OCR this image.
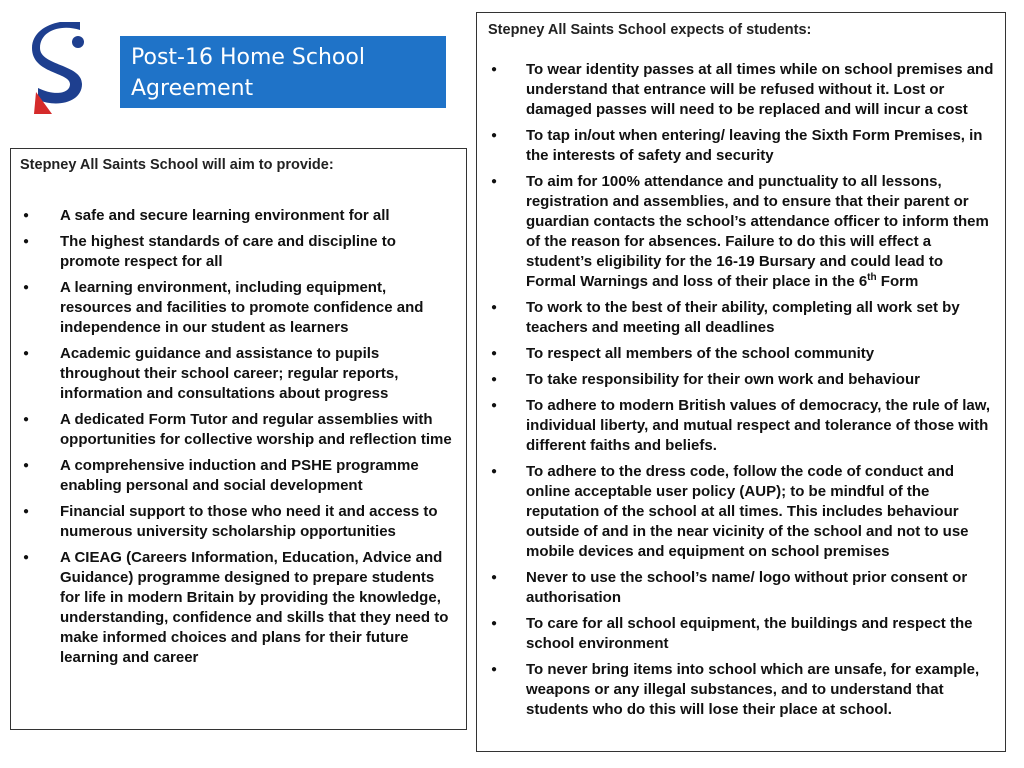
Post-16 Home School
Agreement
Stepney All Saints School expects of students:
● To wear identity passes at all times while on school premises and understand that entrance will be refused without it. Lost or damaged passes will need to be replaced and will incur a cost
● To tap in/out when entering/ leaving the Sixth Form Premises, in the interests of safety and security
● To aim for 100% attendance and punctuality to all lessons, registration and assemblies, and to ensure that their parent or guardian contacts the school’s attendance officer to inform them of the reason for absences. Failure to do this will effect a student’s eligibility for the 16-19 Bursary and could lead to Formal Warnings and loss of their place in the 6th Form
● To work to the best of their ability, completing all work set by teachers and meeting all deadlines
● To respect all members of the school community
● To take responsibility for their own work and behaviour
● To adhere to modern British values of democracy, the rule of law, individual liberty, and mutual respect and tolerance of those with different faiths and beliefs.
● To adhere to the dress code, follow the code of conduct and online acceptable user policy (AUP); to be mindful of the reputation of the school at all times. This includes behaviour outside of and in the near vicinity of the school and not to use mobile devices and equipment on school premises
● Never to use the school’s name/ logo without prior consent or authorisation
● To care for all school equipment, the buildings and respect the school environment
● To never bring items into school which are unsafe, for example, weapons or any illegal substances, and to understand that students who do this will lose their place at school.
Stepney All Saints School will aim to provide:
● A safe and secure learning environment for all
● The highest standards of care and discipline to promote respect for all
● A learning environment, including equipment, resources and facilities to promote confidence and independence in our student as learners
● Academic guidance and assistance to pupils throughout their school career; regular reports, information and consultations about progress
● A dedicated Form Tutor and regular assemblies with opportunities for collective worship and reflection time
● A comprehensive induction and PSHE programme enabling personal and social development
● Financial support to those who need it and access to numerous university scholarship opportunities
● A CIEAG (Careers Information, Education, Advice and Guidance) programme designed to prepare students for life in modern Britain by providing the knowledge, understanding, confidence and skills that they need to make informed choices and plans for their future learning and career
